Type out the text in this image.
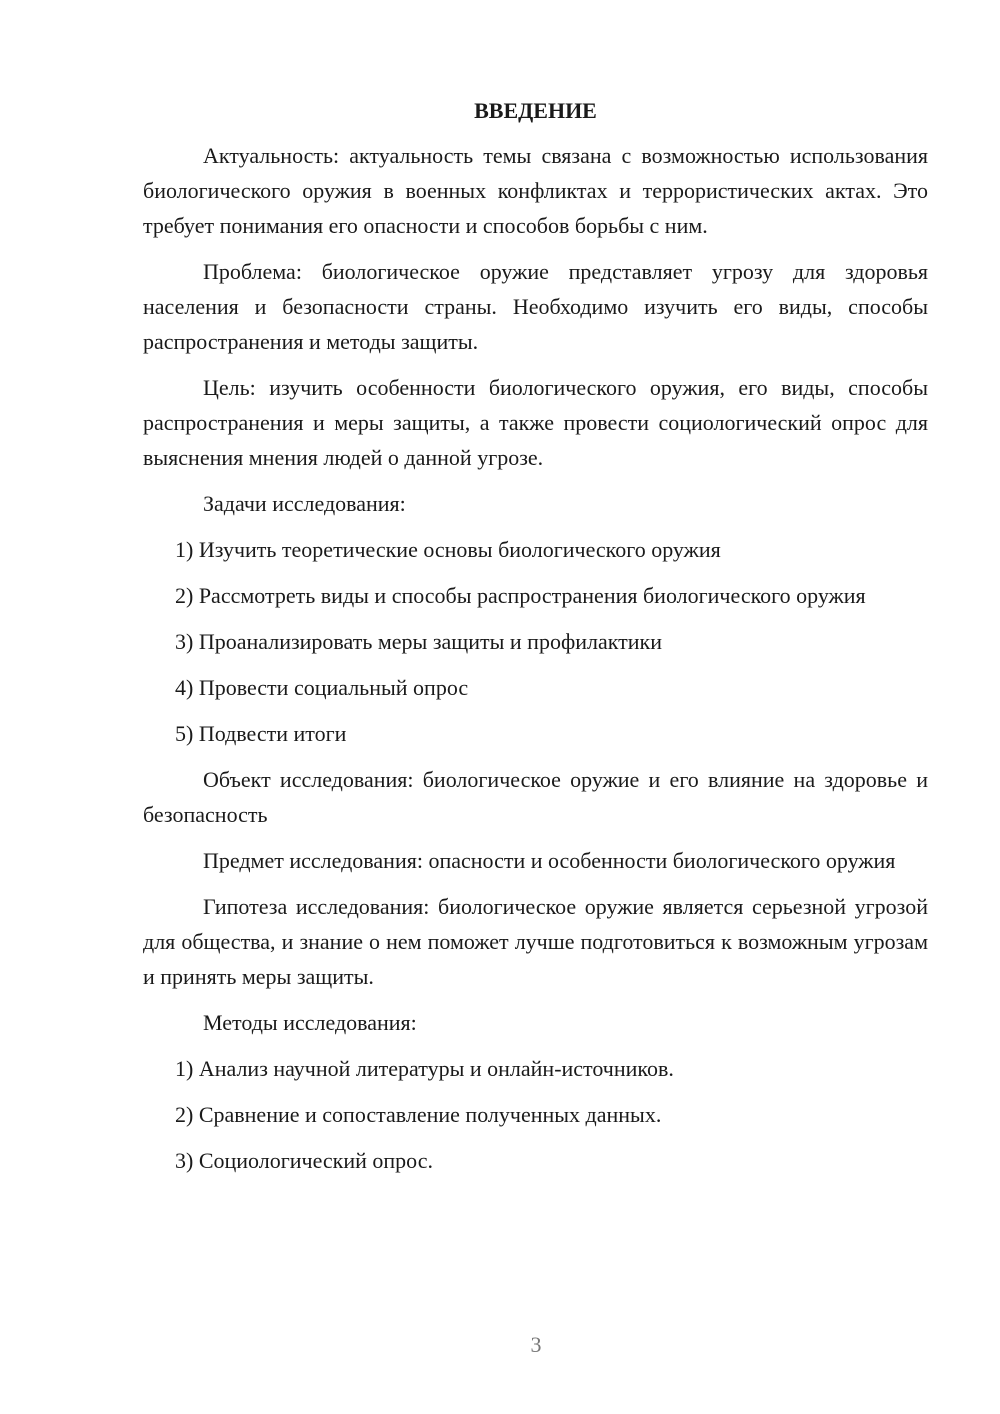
ВВЕДЕНИЕ

Актуальность: актуальность темы связана с возможностью использования биологического оружия в военных конфликтах и террористических актах. Это требует понимания его опасности и способов борьбы с ним.

Проблема: биологическое оружие представляет угрозу для здоровья населения и безопасности страны. Необходимо изучить его виды, способы распространения и методы защиты.

Цель: изучить особенности биологического оружия, его виды, способы распространения и меры защиты, а также провести социологический опрос для выяснения мнения людей о данной угрозе.

Задачи исследования:

1) Изучить теоретические основы биологического оружия

2) Рассмотреть виды и способы распространения биологического оружия

3) Проанализировать меры защиты и профилактики

4) Провести социальный опрос

5) Подвести итоги

Объект исследования: биологическое оружие и его влияние на здоровье и безопасность

Предмет исследования: опасности и особенности биологического оружия

Гипотеза исследования: биологическое оружие является серьезной угрозой для общества, и знание о нем поможет лучше подготовиться к возможным угрозам и принять меры защиты.

Методы исследования:

1) Анализ научной литературы и онлайн-источников.

2) Сравнение и сопоставление полученных данных.

3) Социологический опрос.

3
